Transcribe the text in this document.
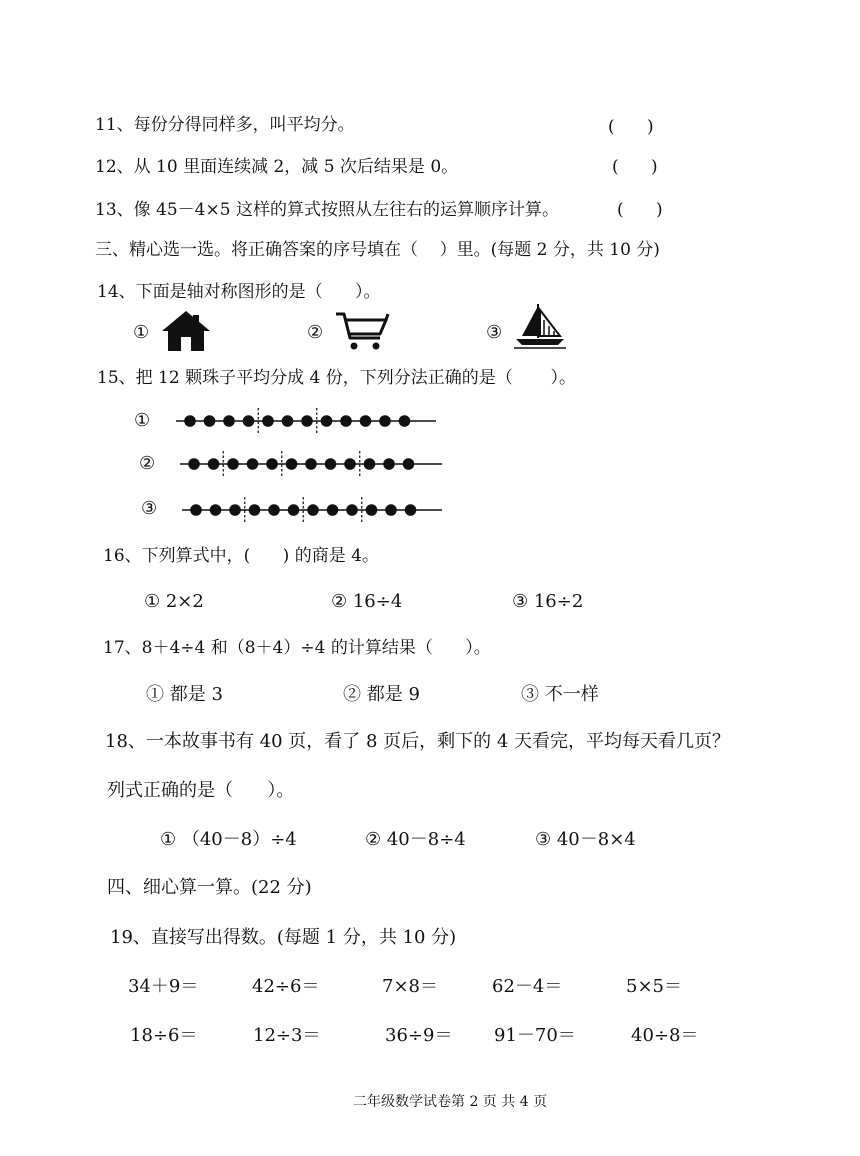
11、每份分得同样多，叫平均分。	(      )
12、从 10 里面连续减 2，减 5 次后结果是 0。	(      )
13、像 45－4×5 这样的算式按照从左往右的运算顺序计算。	(      )
三、精心选一选。将正确答案的序号填在（    ）里。(每题 2 分，共 10 分)
14、下面是轴对称图形的是（      ）。
①	②	③
15、把 12 颗珠子平均分成 4 份，下列分法正确的是（       ）。
①
②
③
16、下列算式中，(      ) 的商是 4。
① 2×2	② 16÷4	③ 16÷2
17、8＋4÷4 和（8＋4）÷4 的计算结果（      ）。
① 都是 3	② 都是 9	③ 不一样
18、一本故事书有 40 页，看了 8 页后，剩下的 4 天看完，平均每天看几页？
列式正确的是（      ）。
① （40－8）÷4	② 40－8÷4	③ 40－8×4
四、细心算一算。(22 分)
19、直接写出得数。(每题 1 分，共 10 分)
34＋9＝	42÷6＝	7×8＝	62－4＝	5×5＝
18÷6＝	12÷3＝	36÷9＝ 91－70＝	40÷8＝
二年级数学试卷第 2 页 共 4 页
